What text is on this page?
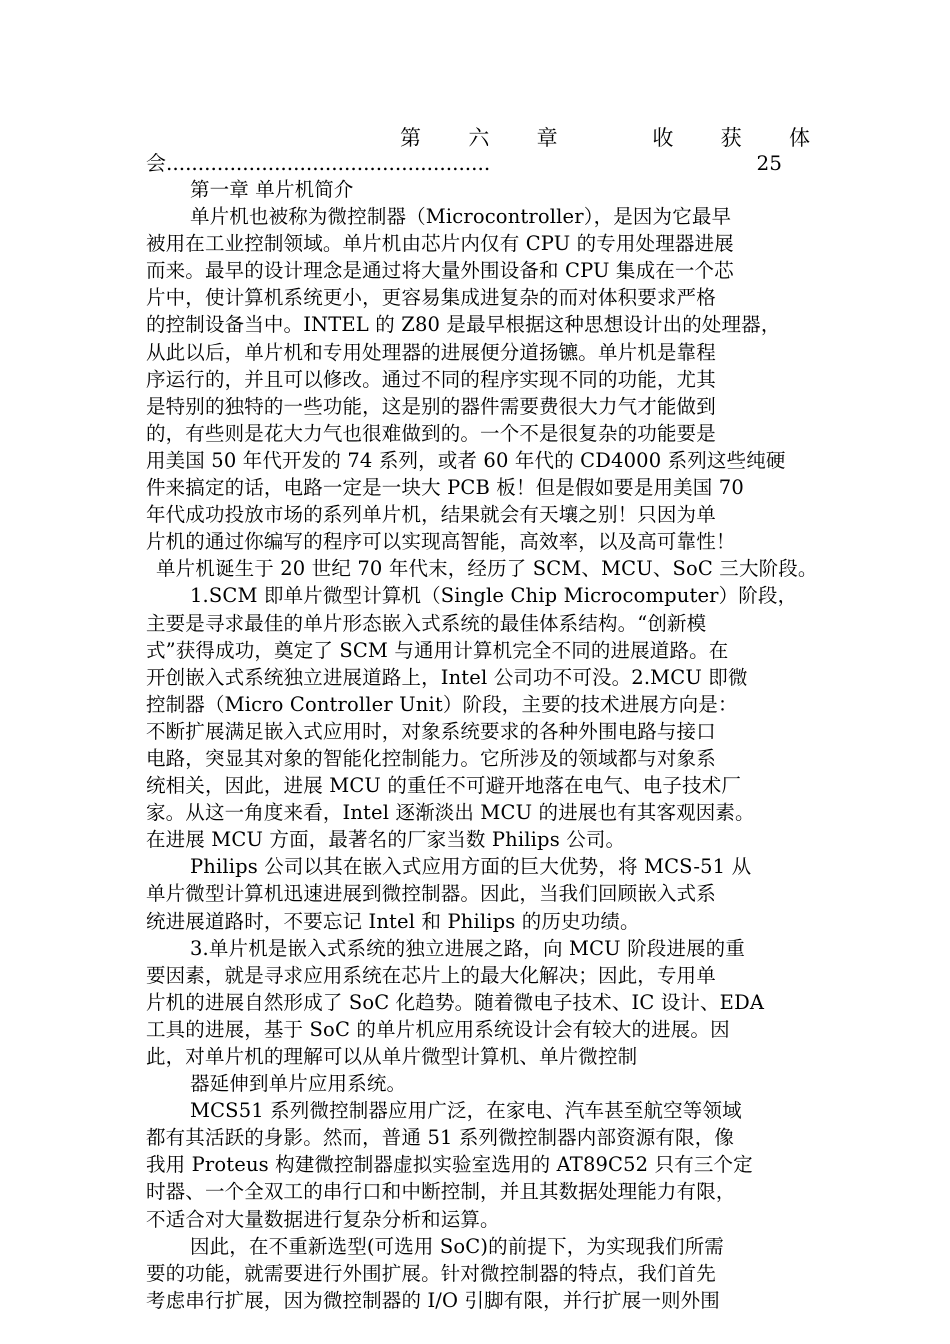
第 六 章	收 获 体
会...................................................	25
第一章 单片机简介
单片机也被称为微控制器（Microcontroller），是因为它最早
被用在工业控制领域。单片机由芯片内仅有 CPU 的专用处理器进展
而来。最早的设计理念是通过将大量外围设备和 CPU 集成在一个芯
片中，使计算机系统更小，更容易集成进复杂的而对体积要求严格
的控制设备当中。INTEL 的 Z80 是最早根据这种思想设计出的处理器，
从此以后，单片机和专用处理器的进展便分道扬镳。单片机是靠程
序运行的，并且可以修改。通过不同的程序实现不同的功能，尤其
是特别的独特的一些功能，这是别的器件需要费很大力气才能做到
的，有些则是花大力气也很难做到的。一个不是很复杂的功能要是
用美国 50 年代开发的 74 系列，或者 60 年代的 CD4000 系列这些纯硬
件来搞定的话，电路一定是一块大 PCB 板！但是假如要是用美国 70
年代成功投放市场的系列单片机，结果就会有天壤之别！只因为单
片机的通过你编写的程序可以实现高智能，高效率，以及高可靠性！
单片机诞生于 20 世纪 70 年代末，经历了 SCM、MCU、SoC 三大阶段。
1.SCM 即单片微型计算机（Single Chip Microcomputer）阶段，
主要是寻求最佳的单片形态嵌入式系统的最佳体系结构。“创新模
式”获得成功，奠定了 SCM 与通用计算机完全不同的进展道路。在
开创嵌入式系统独立进展道路上，Intel 公司功不可没。2.MCU 即微
控制器（Micro Controller Unit）阶段，主要的技术进展方向是：
不断扩展满足嵌入式应用时，对象系统要求的各种外围电路与接口
电路，突显其对象的智能化控制能力。它所涉及的领域都与对象系
统相关，因此，进展 MCU 的重任不可避开地落在电气、电子技术厂
家。从这一角度来看，Intel 逐渐淡出 MCU 的进展也有其客观因素。
在进展 MCU 方面，最著名的厂家当数 Philips 公司。
Philips 公司以其在嵌入式应用方面的巨大优势，将 MCS-51 从
单片微型计算机迅速进展到微控制器。因此，当我们回顾嵌入式系
统进展道路时，不要忘记 Intel 和 Philips 的历史功绩。
3.单片机是嵌入式系统的独立进展之路，向 MCU 阶段进展的重
要因素，就是寻求应用系统在芯片上的最大化解决；因此，专用单
片机的进展自然形成了 SoC 化趋势。随着微电子技术、IC 设计、EDA
工具的进展，基于 SoC 的单片机应用系统设计会有较大的进展。因
此，对单片机的理解可以从单片微型计算机、单片微控制
器延伸到单片应用系统。
MCS51 系列微控制器应用广泛，在家电、汽车甚至航空等领域
都有其活跃的身影。然而，普通 51 系列微控制器内部资源有限，像
我用 Proteus 构建微控制器虚拟实验室选用的 AT89C52 只有三个定
时器、一个全双工的串行口和中断控制，并且其数据处理能力有限，
不适合对大量数据进行复杂分析和运算。
因此，在不重新选型(可选用 SoC)的前提下，为实现我们所需
要的功能，就需要进行外围扩展。针对微控制器的特点，我们首先
考虑串行扩展，因为微控制器的 I/O 引脚有限，并行扩展一则外围
